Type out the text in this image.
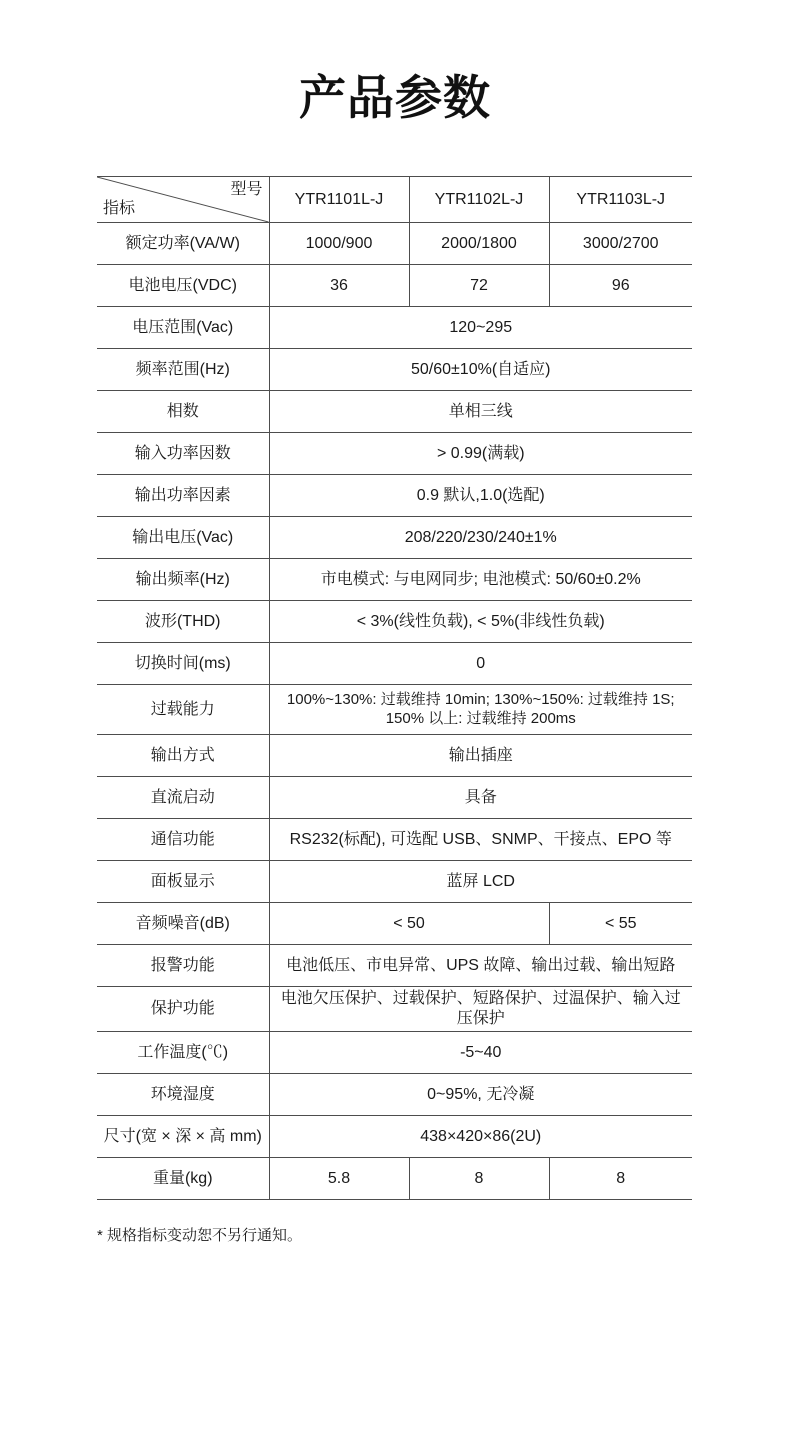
产品参数
型号
指标	YTR1101L-J	YTR1102L-J	YTR1103L-J
额定功率(VA/W)	1000/900	2000/1800	3000/2700
电池电压(VDC)	36	72	96
电压范围(Vac)	120~295		
频率范围(Hz)	50/60±10%(自适应)		
相数	单相三线		
输入功率因数	> 0.99(满载)		
输出功率因素	0.9 默认,1.0(选配)		
输出电压(Vac)	208/220/230/240±1%		
输出频率(Hz)	市电模式: 与电网同步; 电池模式: 50/60±0.2%		
波形(THD)	< 3%(线性负载), < 5%(非线性负载)		
切换时间(ms)	0		
过载能力	100%~130%: 过载维持 10min; 130%~150%: 过载维持 1S; 150% 以上: 过载维持 200ms		
输出方式	输出插座		
直流启动	具备		
通信功能	RS232(标配), 可选配 USB、SNMP、干接点、EPO 等		
面板显示	蓝屏 LCD		
音频噪音(dB)	< 50		< 55
报警功能	电池低压、市电异常、UPS 故障、输出过载、输出短路		
保护功能	电池欠压保护、过载保护、短路保护、过温保护、输入过压保护		
工作温度(℃)	-5~40		
环境湿度	0~95%, 无冷凝		
尺寸(宽 × 深 × 高 mm)	438×420×86(2U)		
重量(kg)	5.8	8	8

* 规格指标变动恕不另行通知。
